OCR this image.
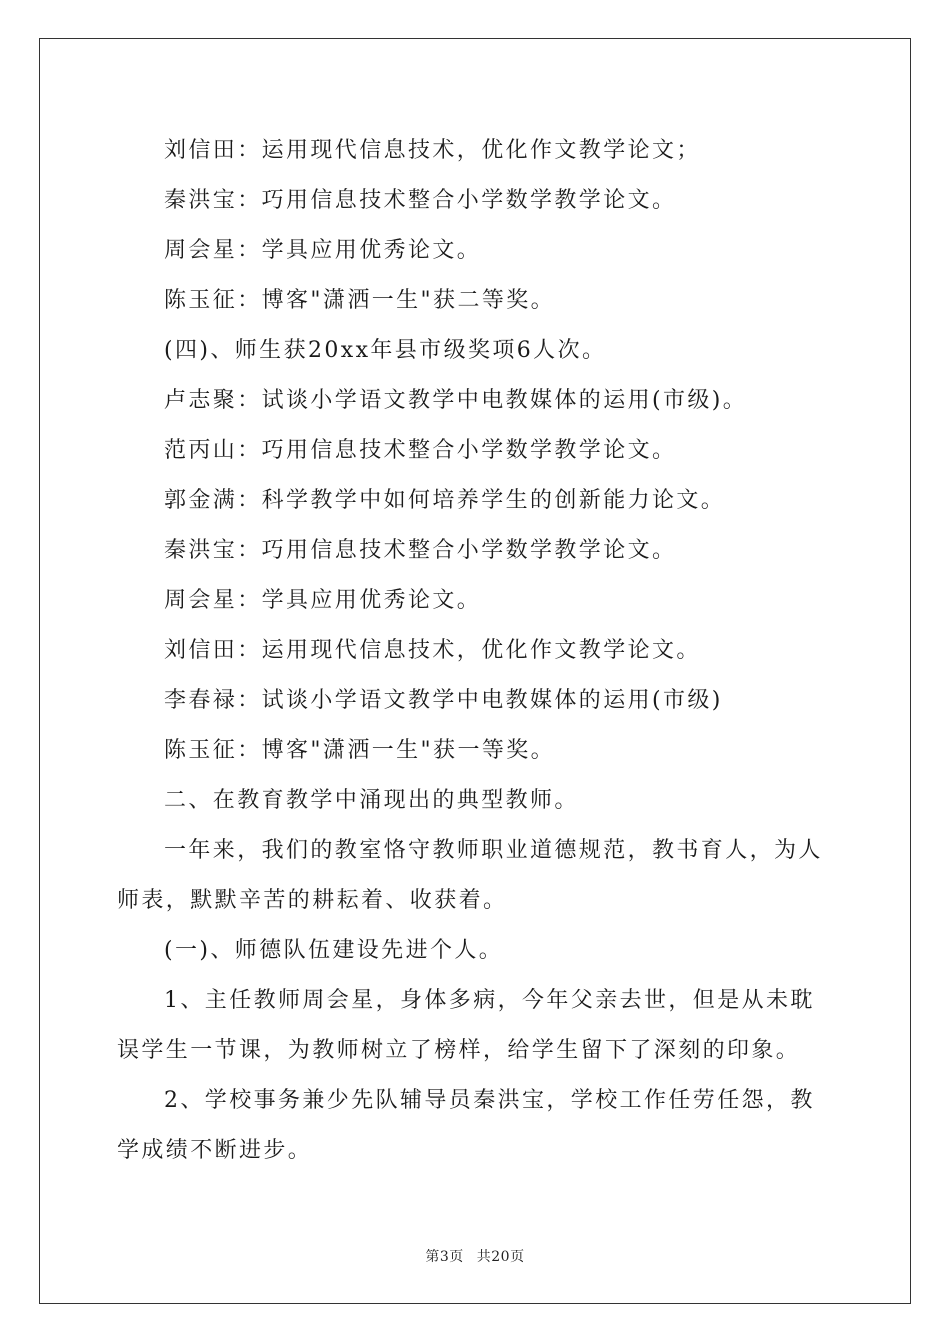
刘信田：运用现代信息技术，优化作文教学论文；

秦洪宝：巧用信息技术整合小学数学教学论文。

周会星：学具应用优秀论文。

陈玉征：博客"潇洒一生"获二等奖。

(四)、师生获20xx年县市级奖项6人次。

卢志聚：试谈小学语文教学中电教媒体的运用(市级)。

范丙山：巧用信息技术整合小学数学教学论文。

郭金满：科学教学中如何培养学生的创新能力论文。

秦洪宝：巧用信息技术整合小学数学教学论文。

周会星：学具应用优秀论文。

刘信田：运用现代信息技术，优化作文教学论文。

李春禄：试谈小学语文教学中电教媒体的运用(市级)

陈玉征：博客"潇洒一生"获一等奖。

二、在教育教学中涌现出的典型教师。

一年来，我们的教室恪守教师职业道德规范，教书育人，为人师表，默默辛苦的耕耘着、收获着。

(一)、师德队伍建设先进个人。

1、主任教师周会星，身体多病，今年父亲去世，但是从未耽误学生一节课，为教师树立了榜样，给学生留下了深刻的印象。

2、学校事务兼少先队辅导员秦洪宝，学校工作任劳任怨，教学成绩不断进步。

第3页 共20页
